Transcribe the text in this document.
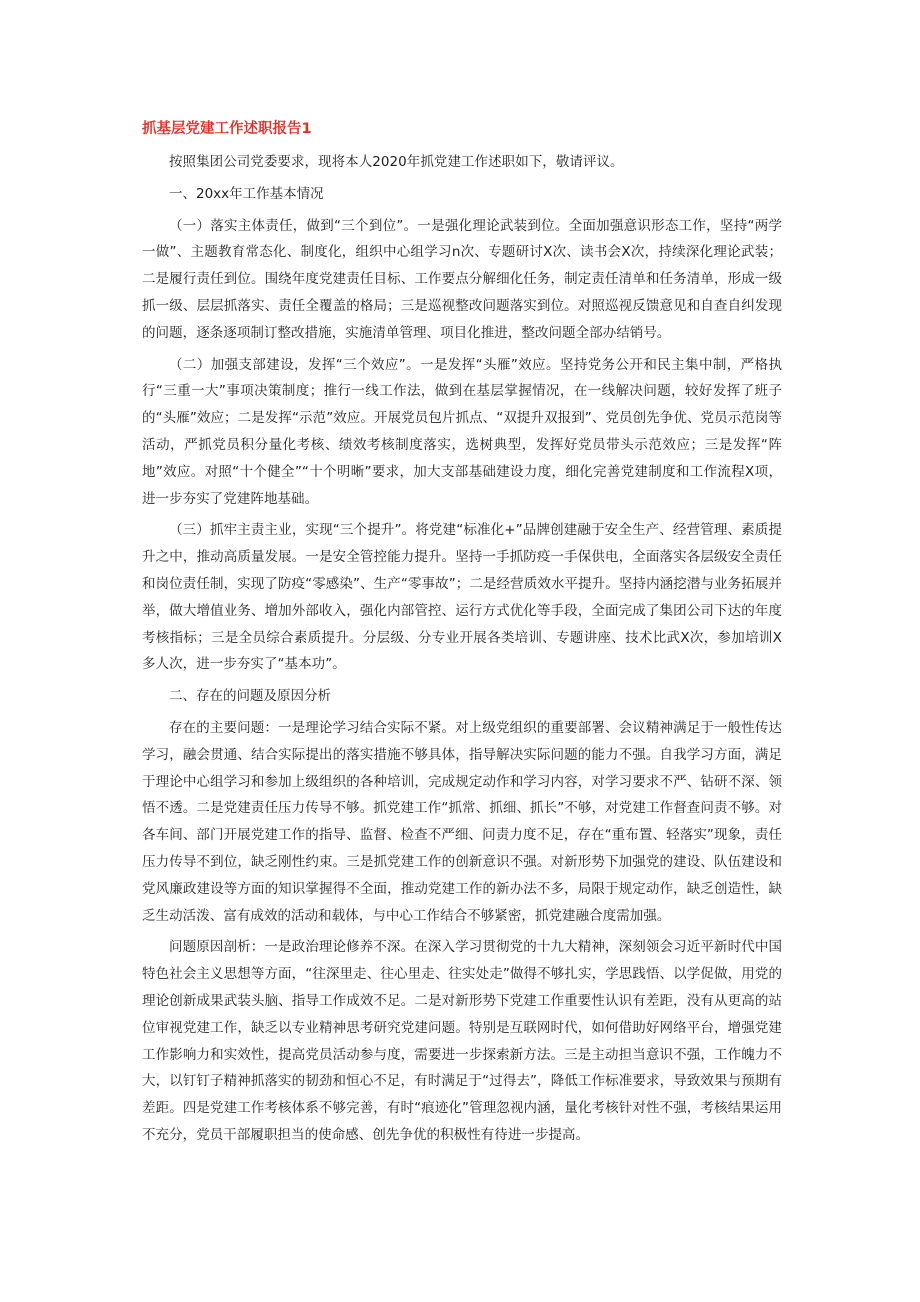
抓基层党建工作述职报告1

按照集团公司党委要求，现将本人2020年抓党建工作述职如下，敬请评议。

一、20xx年工作基本情况

（一）落实主体责任，做到“三个到位”。一是强化理论武装到位。全面加强意识形态工作，坚持“两学一做”、主题教育常态化、制度化，组织中心组学习n次、专题研讨X次、读书会X次，持续深化理论武装；二是履行责任到位。围绕年度党建责任目标、工作要点分解细化任务，制定责任清单和任务清单，形成一级抓一级、层层抓落实、责任全覆盖的格局；三是巡视整改问题落实到位。对照巡视反馈意见和自查自纠发现的问题，逐条逐项制订整改措施，实施清单管理、项目化推进，整改问题全部办结销号。

（二）加强支部建设，发挥“三个效应”。一是发挥“头雁”效应。坚持党务公开和民主集中制，严格执行“三重一大”事项决策制度；推行一线工作法，做到在基层掌握情况，在一线解决问题，较好发挥了班子的“头雁”效应；二是发挥“示范”效应。开展党员包片抓点、“双提升双报到”、党员创先争优、党员示范岗等活动，严抓党员积分量化考核、绩效考核制度落实，选树典型，发挥好党员带头示范效应；三是发挥“阵地”效应。对照“十个健全”“十个明晰”要求，加大支部基础建设力度，细化完善党建制度和工作流程X项，进一步夯实了党建阵地基础。

（三）抓牢主责主业，实现“三个提升”。将党建“标准化+”品牌创建融于安全生产、经营管理、素质提升之中，推动高质量发展。一是安全管控能力提升。坚持一手抓防疫一手保供电，全面落实各层级安全责任和岗位责任制，实现了防疫“零感染”、生产“零事故”；二是经营质效水平提升。坚持内涵挖潜与业务拓展并举，做大增值业务、增加外部收入，强化内部管控、运行方式优化等手段，全面完成了集团公司下达的年度考核指标；三是全员综合素质提升。分层级、分专业开展各类培训、专题讲座、技术比武X次，参加培训X多人次，进一步夯实了“基本功”。

二、存在的问题及原因分析

存在的主要问题：一是理论学习结合实际不紧。对上级党组织的重要部署、会议精神满足于一般性传达学习，融会贯通、结合实际提出的落实措施不够具体，指导解决实际问题的能力不强。自我学习方面，满足于理论中心组学习和参加上级组织的各种培训，完成规定动作和学习内容，对学习要求不严、钻研不深、领悟不透。二是党建责任压力传导不够。抓党建工作“抓常、抓细、抓长”不够，对党建工作督查问责不够。对各车间、部门开展党建工作的指导、监督、检查不严细、问责力度不足，存在“重布置、轻落实”现象，责任压力传导不到位，缺乏刚性约束。三是抓党建工作的创新意识不强。对新形势下加强党的建设、队伍建设和党风廉政建设等方面的知识掌握得不全面，推动党建工作的新办法不多，局限于规定动作，缺乏创造性，缺乏生动活泼、富有成效的活动和载体，与中心工作结合不够紧密，抓党建融合度需加强。

问题原因剖析：一是政治理论修养不深。在深入学习贯彻党的十九大精神，深刻领会习近平新时代中国特色社会主义思想等方面，“往深里走、往心里走、往实处走”做得不够扎实，学思践悟、以学促做，用党的理论创新成果武装头脑、指导工作成效不足。二是对新形势下党建工作重要性认识有差距，没有从更高的站位审视党建工作，缺乏以专业精神思考研究党建问题。特别是互联网时代，如何借助好网络平台，增强党建工作影响力和实效性，提高党员活动参与度，需要进一步探索新方法。三是主动担当意识不强，工作魄力不大，以钉钉子精神抓落实的韧劲和恒心不足，有时满足于“过得去”，降低工作标准要求，导致效果与预期有差距。四是党建工作考核体系不够完善，有时“痕迹化”管理忽视内涵，量化考核针对性不强，考核结果运用不充分，党员干部履职担当的使命感、创先争优的积极性有待进一步提高。
